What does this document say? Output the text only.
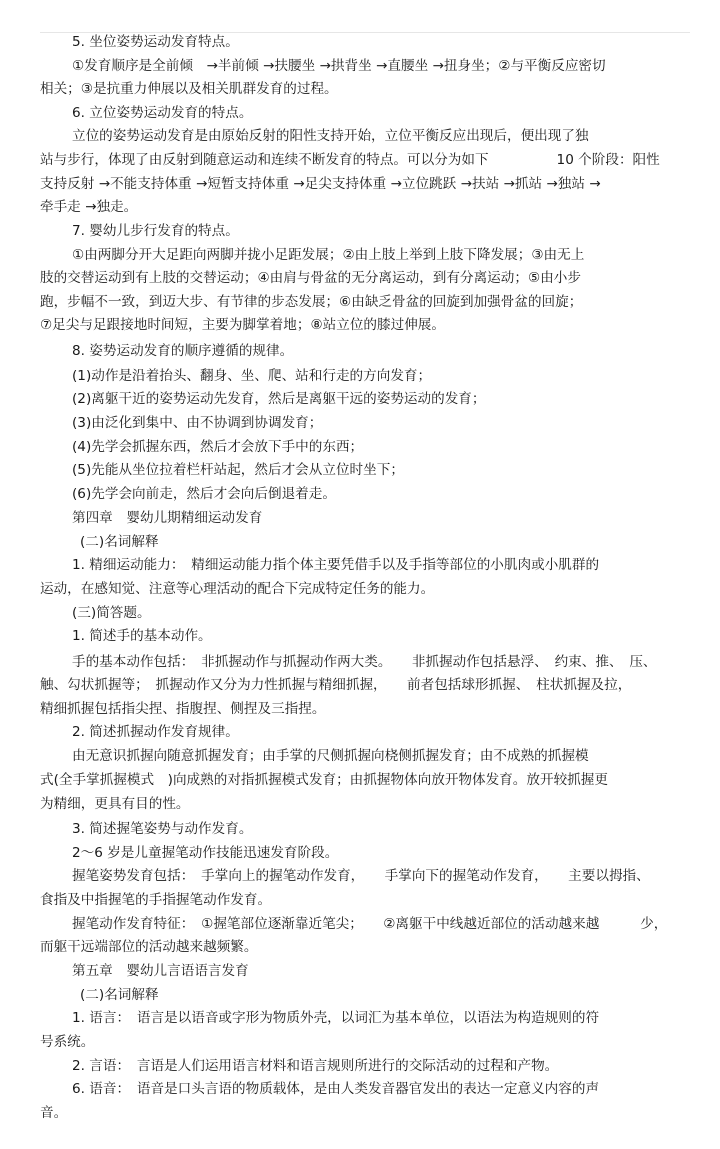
5. 坐位姿势运动发育特点。
①发育顺序是全前倾　→半前倾 →扶腰坐 →拱背坐 →直腰坐 →扭身坐；②与平衡反应密切
相关；③是抗重力伸展以及相关肌群发育的过程。
6. 立位姿势运动发育的特点。
立位的姿势运动发育是由原始反射的阳性支持开始，立位平衡反应出现后，便出现了独
站与步行，体现了由反射到随意运动和连续不断发育的特点。可以分为如下　　　　　10 个阶段：阳性
支持反射 →不能支持体重 →短暂支持体重 →足尖支持体重 →立位跳跃 →扶站 →抓站 →独站 →
牵手走 →独走。
7. 婴幼儿步行发育的特点。
①由两脚分开大足距向两脚并拢小足距发展；②由上肢上举到上肢下降发展；③由无上
肢的交替运动到有上肢的交替运动；④由肩与骨盆的无分离运动，到有分离运动；⑤由小步
跑，步幅不一致，到迈大步、有节律的步态发展；⑥由缺乏骨盆的回旋到加强骨盆的回旋；
⑦足尖与足跟接地时间短，主要为脚掌着地；⑧站立位的膝过伸展。
8. 姿势运动发育的顺序遵循的规律。
(1)动作是沿着抬头、翻身、坐、爬、站和行走的方向发育；
(2)离躯干近的姿势运动先发育，然后是离躯干远的姿势运动的发育；
(3)由泛化到集中、由不协调到协调发育；
(4)先学会抓握东西，然后才会放下手中的东西；
(5)先能从坐位拉着栏杆站起，然后才会从立位时坐下；
(6)先学会向前走，然后才会向后倒退着走。
第四章　婴幼儿期精细运动发育
(二)名词解释
1. 精细运动能力：　精细运动能力指个体主要凭借手以及手指等部位的小肌肉或小肌群的
运动，在感知觉、注意等心理活动的配合下完成特定任务的能力。
(三)简答题。
1. 简述手的基本动作。
手的基本动作包括：　非抓握动作与抓握动作两大类。　　非抓握动作包括悬浮、　约束、推、　压、
触、勾状抓握等；　抓握动作又分为力性抓握与精细抓握，　　前者包括球形抓握、　柱状抓握及拉，
精细抓握包括指尖捏、指腹捏、侧捏及三指捏。
2. 简述抓握动作发育规律。
由无意识抓握向随意抓握发育；由手掌的尺侧抓握向桡侧抓握发育；由不成熟的抓握模
式(全手掌抓握模式　)向成熟的对指抓握模式发育；由抓握物体向放开物体发育。放开较抓握更
为精细，更具有目的性。
3. 简述握笔姿势与动作发育。
2～6 岁是儿童握笔动作技能迅速发育阶段。
握笔姿势发育包括：　手掌向上的握笔动作发育，　　手掌向下的握笔动作发育，　　主要以拇指、
食指及中指握笔的手指握笔动作发育。
握笔动作发育特征：　①握笔部位逐渐靠近笔尖；　　②离躯干中线越近部位的活动越来越　　　少，
而躯干远端部位的活动越来越频繁。
第五章　婴幼儿言语语言发育
(二)名词解释
1. 语言：　语言是以语音或字形为物质外壳，以词汇为基本单位，以语法为构造规则的符
号系统。
2. 言语：　言语是人们运用语言材料和语言规则所进行的交际活动的过程和产物。
6. 语音：　语音是口头言语的物质载体，是由人类发音器官发出的表达一定意义内容的声
音。
